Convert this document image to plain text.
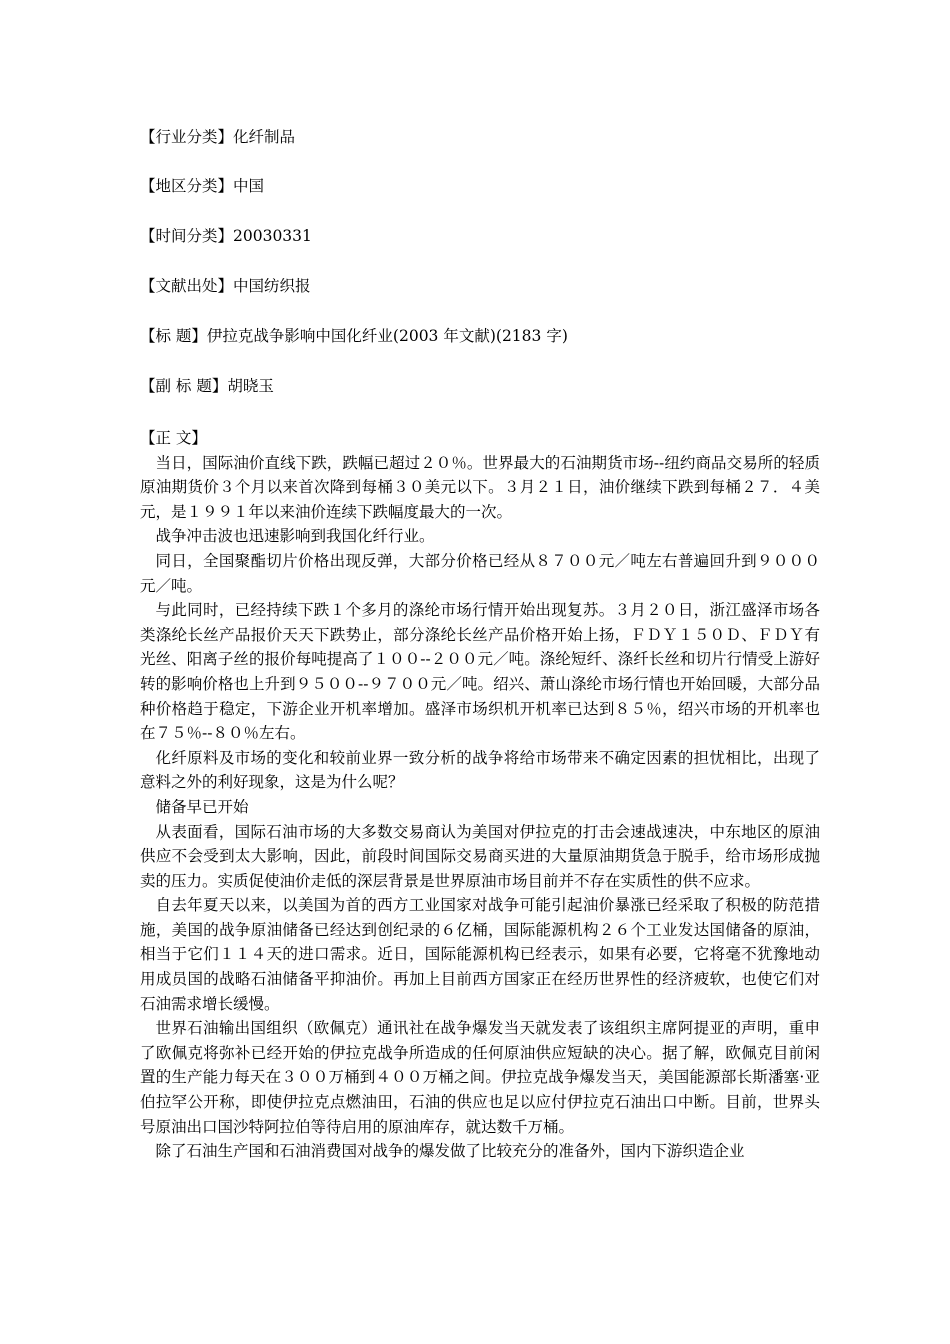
【行业分类】化纤制品
【地区分类】中国
【时间分类】20030331
【文献出处】中国纺织报
【标 题】伊拉克战争影响中国化纤业(2003 年文献)(2183 字)
【副 标 题】胡晓玉

【正 文】

当日，国际油价直线下跌，跌幅已超过２０％。世界最大的石油期货市场--纽约商品交易所的轻质原油期货价３个月以来首次降到每桶３０美元以下。３月２１日，油价继续下跌到每桶２７．４美元，是１９９１年以来油价连续下跌幅度最大的一次。

战争冲击波也迅速影响到我国化纤行业。

同日，全国聚酯切片价格出现反弹，大部分价格已经从８７００元／吨左右普遍回升到９０００元／吨。

与此同时，已经持续下跌１个多月的涤纶市场行情开始出现复苏。３月２０日，浙江盛泽市场各类涤纶长丝产品报价天天下跌势止，部分涤纶长丝产品价格开始上扬，ＦＤＹ１５０Ｄ、ＦＤＹ有光丝、阳离子丝的报价每吨提高了１００--２００元／吨。涤纶短纤、涤纤长丝和切片行情受上游好转的影响价格也上升到９５００--９７００元／吨。绍兴、萧山涤纶市场行情也开始回暖，大部分品种价格趋于稳定，下游企业开机率增加。盛泽市场织机开机率已达到８５％，绍兴市场的开机率也在７５％--８０％左右。

化纤原料及市场的变化和较前业界一致分析的战争将给市场带来不确定因素的担忧相比，出现了意料之外的利好现象，这是为什么呢？

储备早已开始

从表面看，国际石油市场的大多数交易商认为美国对伊拉克的打击会速战速决，中东地区的原油供应不会受到太大影响，因此，前段时间国际交易商买进的大量原油期货急于脱手，给市场形成抛卖的压力。实质促使油价走低的深层背景是世界原油市场目前并不存在实质性的供不应求。

自去年夏天以来，以美国为首的西方工业国家对战争可能引起油价暴涨已经采取了积极的防范措施，美国的战争原油储备已经达到创纪录的６亿桶，国际能源机构２６个工业发达国储备的原油，相当于它们１１４天的进口需求。近日，国际能源机构已经表示，如果有必要，它将毫不犹豫地动用成员国的战略石油储备平抑油价。再加上目前西方国家正在经历世界性的经济疲软，也使它们对石油需求增长缓慢。

世界石油输出国组织（欧佩克）通讯社在战争爆发当天就发表了该组织主席阿提亚的声明，重申了欧佩克将弥补已经开始的伊拉克战争所造成的任何原油供应短缺的决心。据了解，欧佩克目前闲置的生产能力每天在３００万桶到４００万桶之间。伊拉克战争爆发当天，美国能源部长斯潘塞·亚伯拉罕公开称，即使伊拉克点燃油田，石油的供应也足以应付伊拉克石油出口中断。目前，世界头号原油出口国沙特阿拉伯等待启用的原油库存，就达数千万桶。

除了石油生产国和石油消费国对战争的爆发做了比较充分的准备外，国内下游织造企业
